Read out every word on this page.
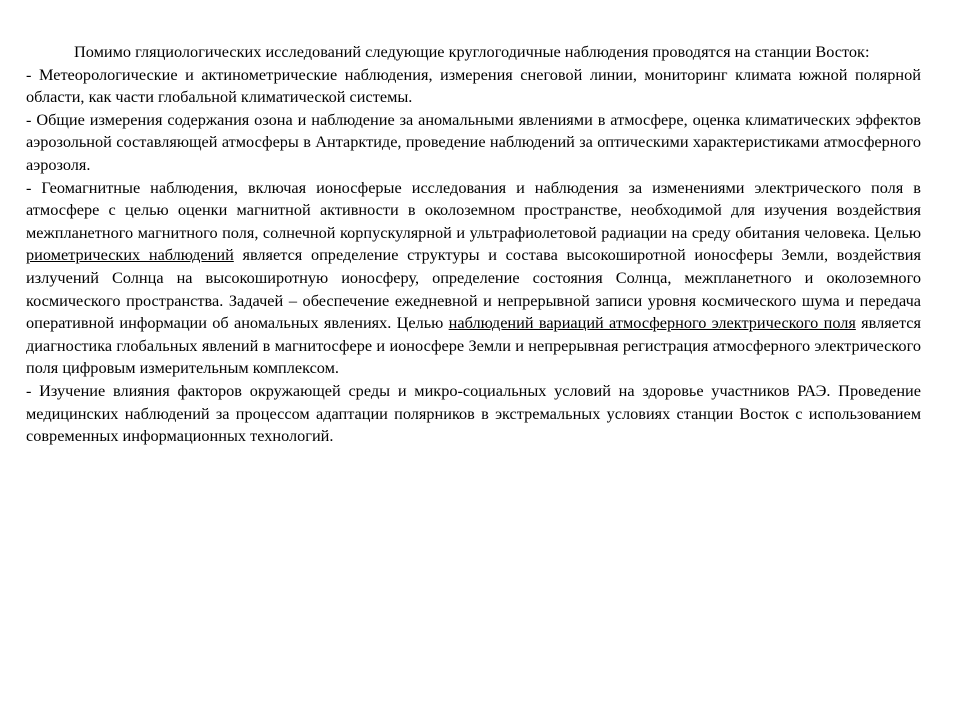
Помимо гляциологических исследований следующие круглогодичные наблюдения проводятся на станции Восток:

- Метеорологические и актинометрические наблюдения, измерения снеговой линии, мониторинг климата южной полярной области, как части глобальной климатической системы.

- Общие измерения содержания озона и наблюдение за аномальными явлениями в атмосфере, оценка климатических эффектов аэрозольной составляющей атмосферы в Антарктиде, проведение наблюдений за оптическими характеристиками атмосферного аэрозоля.

- Геомагнитные наблюдения, включая ионосферые исследования и наблюдения за изменениями электрического поля в атмосфере с целью оценки магнитной активности в околоземном пространстве, необходимой для изучения воздействия межпланетного магнитного поля, солнечной корпускулярной и ультрафиолетовой радиации на среду обитания человека. Целью риометрических наблюдений является определение структуры и состава высокоширотной ионосферы Земли, воздействия излучений Солнца на высокоширотную ионосферу, определение состояния Солнца, межпланетного и околоземного космического пространства. Задачей – обеспечение ежедневной и непрерывной записи уровня космического шума и передача оперативной информации об аномальных явлениях. Целью наблюдений вариаций атмосферного электрического поля является диагностика глобальных явлений в магнитосфере и ионосфере Земли и непрерывная регистрация атмосферного электрического поля цифровым измерительным комплексом.

- Изучение влияния факторов окружающей среды и микро-социальных условий на здоровье участников РАЭ. Проведение медицинских наблюдений за процессом адаптации полярников в экстремальных условиях станции Восток с использованием современных информационных технологий.
